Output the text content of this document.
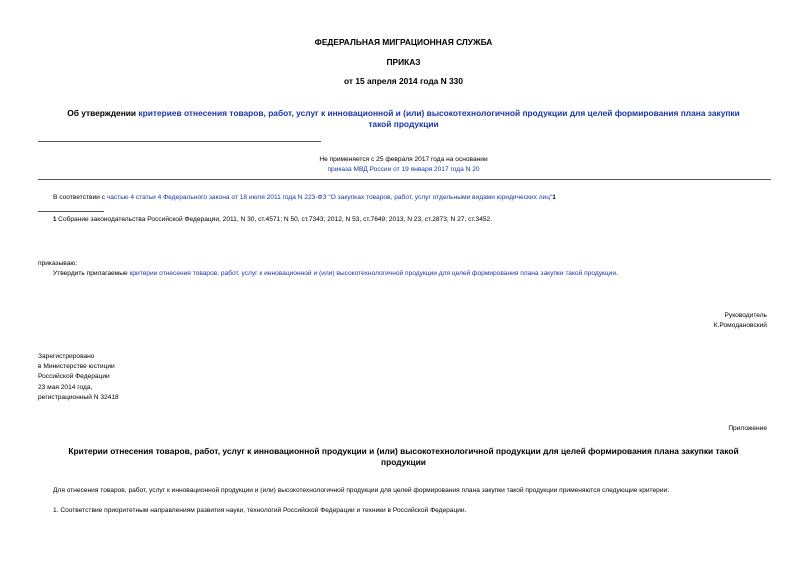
ФЕДЕРАЛЬНАЯ МИГРАЦИОННАЯ СЛУЖБА
ПРИКАЗ
от 15 апреля 2014 года N 330
Об утверждении критериев отнесения товаров, работ, услуг к инновационной и (или) высокотехнологичной продукции для целей формирования плана закупки
такой продукции
Не применяется с 25 февраля 2017 года на основании
приказа МВД России от 19 января 2017 года N 20
В соответствии с частью 4 статьи 4 Федерального закона от 18 июля 2011 года N 223-ФЗ "О закупках товаров, работ, услуг отдельными видами юридических лиц"1
1 Собрание законодательства Российской Федерации, 2011, N 30, ст.4571; N 50, ст.7343; 2012, N 53, ст.7649; 2013, N 23, ст.2873; N 27, ст.3452.
приказываю:
Утвердить прилагаемые критерии отнесения товаров, работ, услуг к инновационной и (или) высокотехнологичной продукции для целей формирования плана закупки такой продукции.
Руководитель
К.Ромодановский
Зарегистрировано
в Министерстве юстиции
Российской Федерации
23 мая 2014 года,
регистрационный N 32418
Приложение
Критерии отнесения товаров, работ, услуг к инновационной продукции и (или) высокотехнологичной продукции для целей формирования плана закупки такой
продукции
Для отнесения товаров, работ, услуг к инновационной продукции и (или) высокотехнологичной продукции для целей формирования плана закупки такой продукции применяются следующие критерии:
1. Соответствие приоритетным направлениям развития науки, технологий Российской Федерации и техники в Российской Федерации.
